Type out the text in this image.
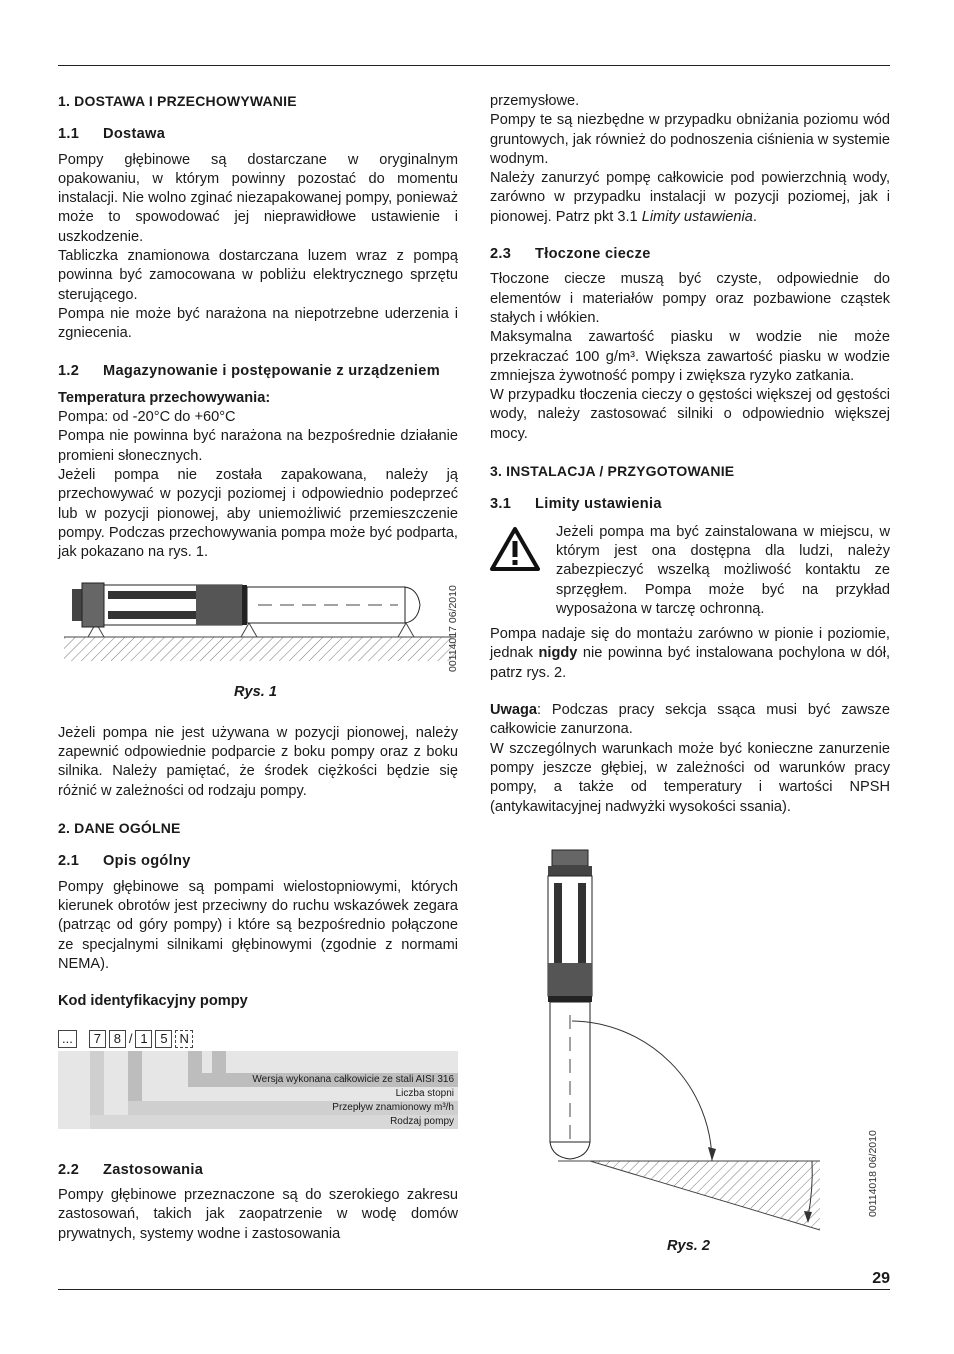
1. DOSTAWA I PRZECHOWYWANIE
1.1	Dostawa

Pompy głębinowe są dostarczane w oryginalnym opakowaniu, w którym powinny pozostać do momentu instalacji. Nie wolno zginać niezapakowanej pompy, ponieważ może to spowodować jej nieprawidłowe ustawienie i uszkodzenie.

Tabliczka znamionowa dostarczana luzem wraz z pompą powinna być zamocowana w pobliżu elektrycznego sprzętu sterującego.

Pompa nie może być narażona na niepotrzebne uderzenia i zgniecenia.

1.2	Magazynowanie i postępowanie z urządzeniem

Temperatura przechowywania:

Pompa: od -20°C do +60°C

Pompa nie powinna być narażona na bezpośrednie działanie promieni słonecznych.

Jeżeli pompa nie została zapakowana, należy ją przechowywać w pozycji poziomej i odpowiednio podeprzeć lub w pozycji pionowej, aby uniemożliwić przemieszczenie pompy. Podczas przechowywania pompa może być podparta, jak pokazano na rys. 1.

00114017 06/2010
Rys. 1

Jeżeli pompa nie jest używana w pozycji pionowej, należy zapewnić odpowiednie podparcie z boku pompy oraz z boku silnika. Należy pamiętać, że środek ciężkości będzie się różnić w zależności od rodzaju pompy.

2. DANE OGÓLNE
2.1	Opis ogólny

Pompy głębinowe są pompami wielostopniowymi, których kierunek obrotów jest przeciwny do ruchu wskazówek zegara (patrząc od góry pompy) i które są bezpośrednio połączone ze specjalnymi silnikami głębinowymi (zgodnie z normami NEMA).

Kod identyfikacyjny pompy

...	7 8 / 1 5 N
Wersja wykonana całkowicie ze stali AISI 316
Liczba stopni
Przepływ znamionowy m³/h
Rodzaj pompy
2.2	Zastosowania

Pompy głębinowe przeznaczone są do szerokiego zakresu zastosowań, takich jak zaopatrzenie w wodę domów prywatnych, systemy wodne i zastosowania

przemysłowe.

Pompy te są niezbędne w przypadku obniżania poziomu wód gruntowych, jak również do podnoszenia ciśnienia w systemie wodnym.

Należy zanurzyć pompę całkowicie pod powierzchnią wody, zarówno w przypadku instalacji w pozycji poziomej, jak i pionowej. Patrz pkt 3.1 Limity ustawienia.

2.3	Tłoczone ciecze

Tłoczone ciecze muszą być czyste, odpowiednie do elementów i materiałów pompy oraz pozbawione cząstek stałych i włókien.

Maksymalna zawartość piasku w wodzie nie może przekraczać 100 g/m³. Większa zawartość piasku w wodzie zmniejsza żywotność pompy i zwiększa ryzyko zatkania.

W przypadku tłoczenia cieczy o gęstości większej od gęstości wody, należy zastosować silniki o odpowiednio większej mocy.

3. INSTALACJA / PRZYGOTOWANIE
3.1	Limity ustawienia

Jeżeli pompa ma być zainstalowana w miejscu, w którym jest ona dostępna dla ludzi, należy zabezpieczyć wszelką możliwość kontaktu ze sprzęgłem. Pompa może być na przykład wyposażona w tarczę ochronną.

Pompa nadaje się do montażu zarówno w pionie i poziomie, jednak nigdy nie powinna być instalowana pochylona w dół, patrz rys. 2.

Uwaga: Podczas pracy sekcja ssąca musi być zawsze całkowicie zanurzona.

W szczególnych warunkach może być konieczne zanurzenie pompy jeszcze głębiej, w zależności od warunków pracy pompy, a także od temperatury i wartości NPSH (antykawitacyjnej nadwyżki wysokości ssania).

00114018 06/2010
Rys. 2
29
